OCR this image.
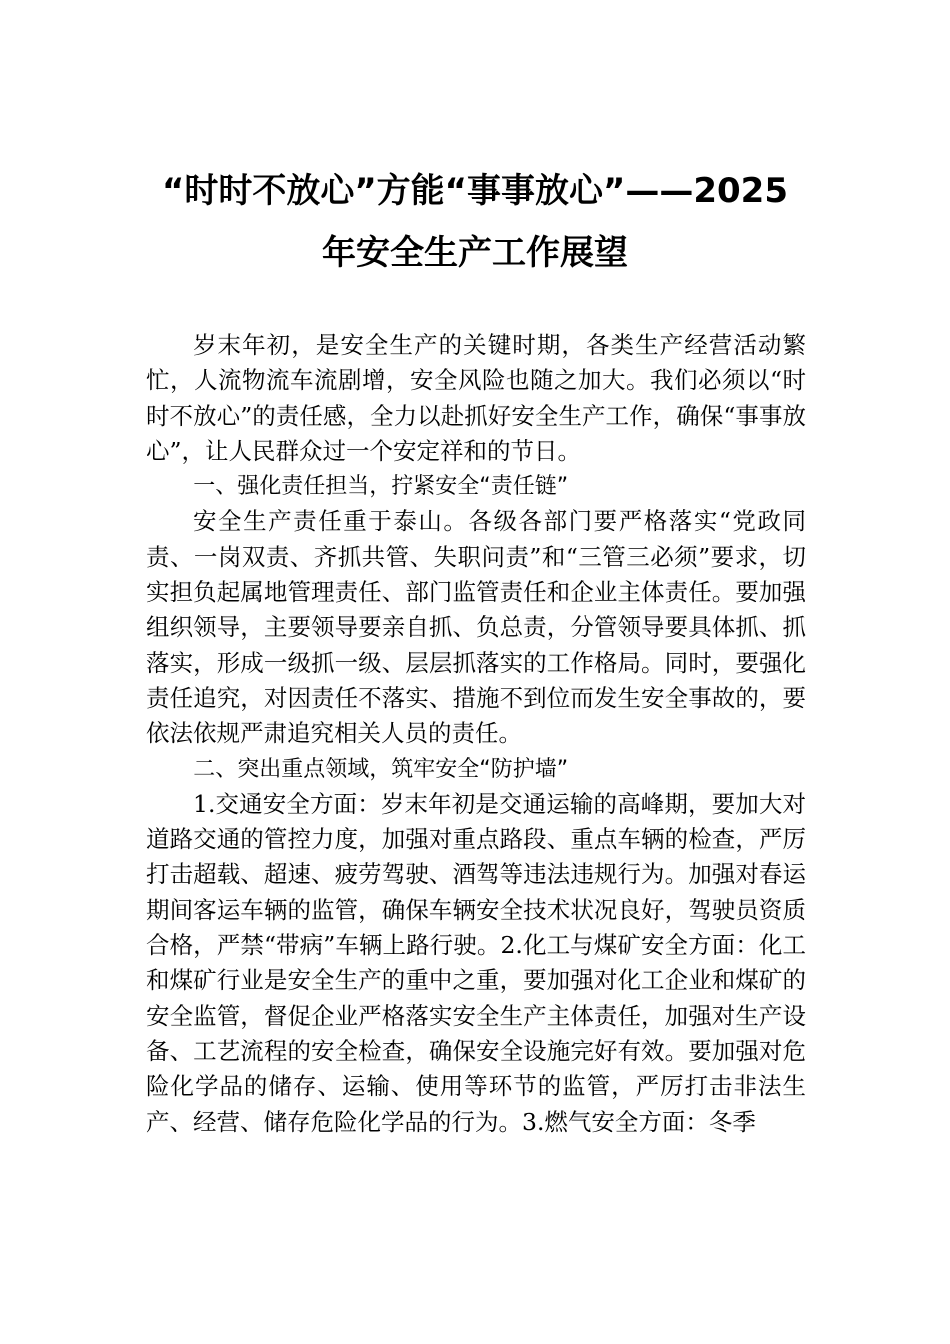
“时时不放心”方能“事事放心”——2025
年安全生产工作展望

岁末年初，是安全生产的关键时期，各类生产经营活动繁忙，人流物流车流剧增，安全风险也随之加大。我们必须以“时时不放心”的责任感，全力以赴抓好安全生产工作，确保“事事放心”，让人民群众过一个安定祥和的节日。

一、强化责任担当，拧紧安全“责任链”

安全生产责任重于泰山。各级各部门要严格落实“党政同责、一岗双责、齐抓共管、失职问责”和“三管三必须”要求，切实担负起属地管理责任、部门监管责任和企业主体责任。要加强组织领导，主要领导要亲自抓、负总责，分管领导要具体抓、抓落实，形成一级抓一级、层层抓落实的工作格局。同时，要强化责任追究，对因责任不落实、措施不到位而发生安全事故的，要依法依规严肃追究相关人员的责任。

二、突出重点领域，筑牢安全“防护墙”

1.交通安全方面：岁末年初是交通运输的高峰期，要加大对道路交通的管控力度，加强对重点路段、重点车辆的检查，严厉打击超载、超速、疲劳驾驶、酒驾等违法违规行为。加强对春运期间客运车辆的监管，确保车辆安全技术状况良好，驾驶员资质合格，严禁“带病”车辆上路行驶。2.化工与煤矿安全方面：化工和煤矿行业是安全生产的重中之重，要加强对化工企业和煤矿的安全监管，督促企业严格落实安全生产主体责任，加强对生产设备、工艺流程的安全检查，确保安全设施完好有效。要加强对危险化学品的储存、运输、使用等环节的监管，严厉打击非法生产、经营、储存危险化学品的行为。3.燃气安全方面：冬季
